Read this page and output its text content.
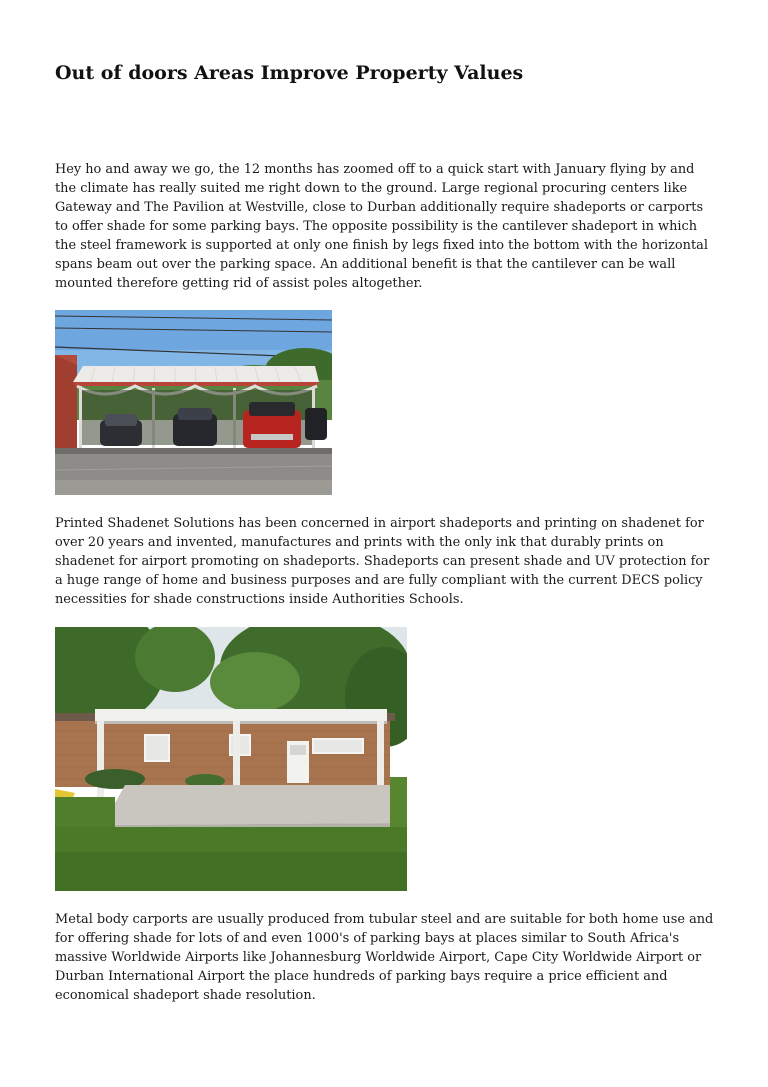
Out of doors Areas Improve Property Values

Hey ho and away we go, the 12 months has zoomed off to a quick start with January flying by and the climate has really suited me right down to the ground. Large regional procuring centers like Gateway and The Pavilion at Westville, close to Durban additionally require shadeports or carports to offer shade for some parking bays. The opposite possibility is the cantilever shadeport in which the steel framework is supported at only one finish by legs fixed into the bottom with the horizontal spans beam out over the parking space. An additional benefit is that the cantilever can be wall mounted therefore getting rid of assist poles altogether.

Printed Shadenet Solutions has been concerned in airport shadeports and printing on shadenet for over 20 years and invented, manufactures and prints with the only ink that durably prints on shadenet for airport promoting on shadeports. Shadeports can present shade and UV protection for a huge range of home and business purposes and are fully compliant with the current DECS policy necessities for shade constructions inside Authorities Schools.

Metal body carports are usually produced from tubular steel and are suitable for both home use and for offering shade for lots of and even 1000's of parking bays at places similar to South Africa's massive Worldwide Airports like Johannesburg Worldwide Airport, Cape City Worldwide Airport or Durban International Airport the place hundreds of parking bays require a price efficient and economical shadeport shade resolution.
